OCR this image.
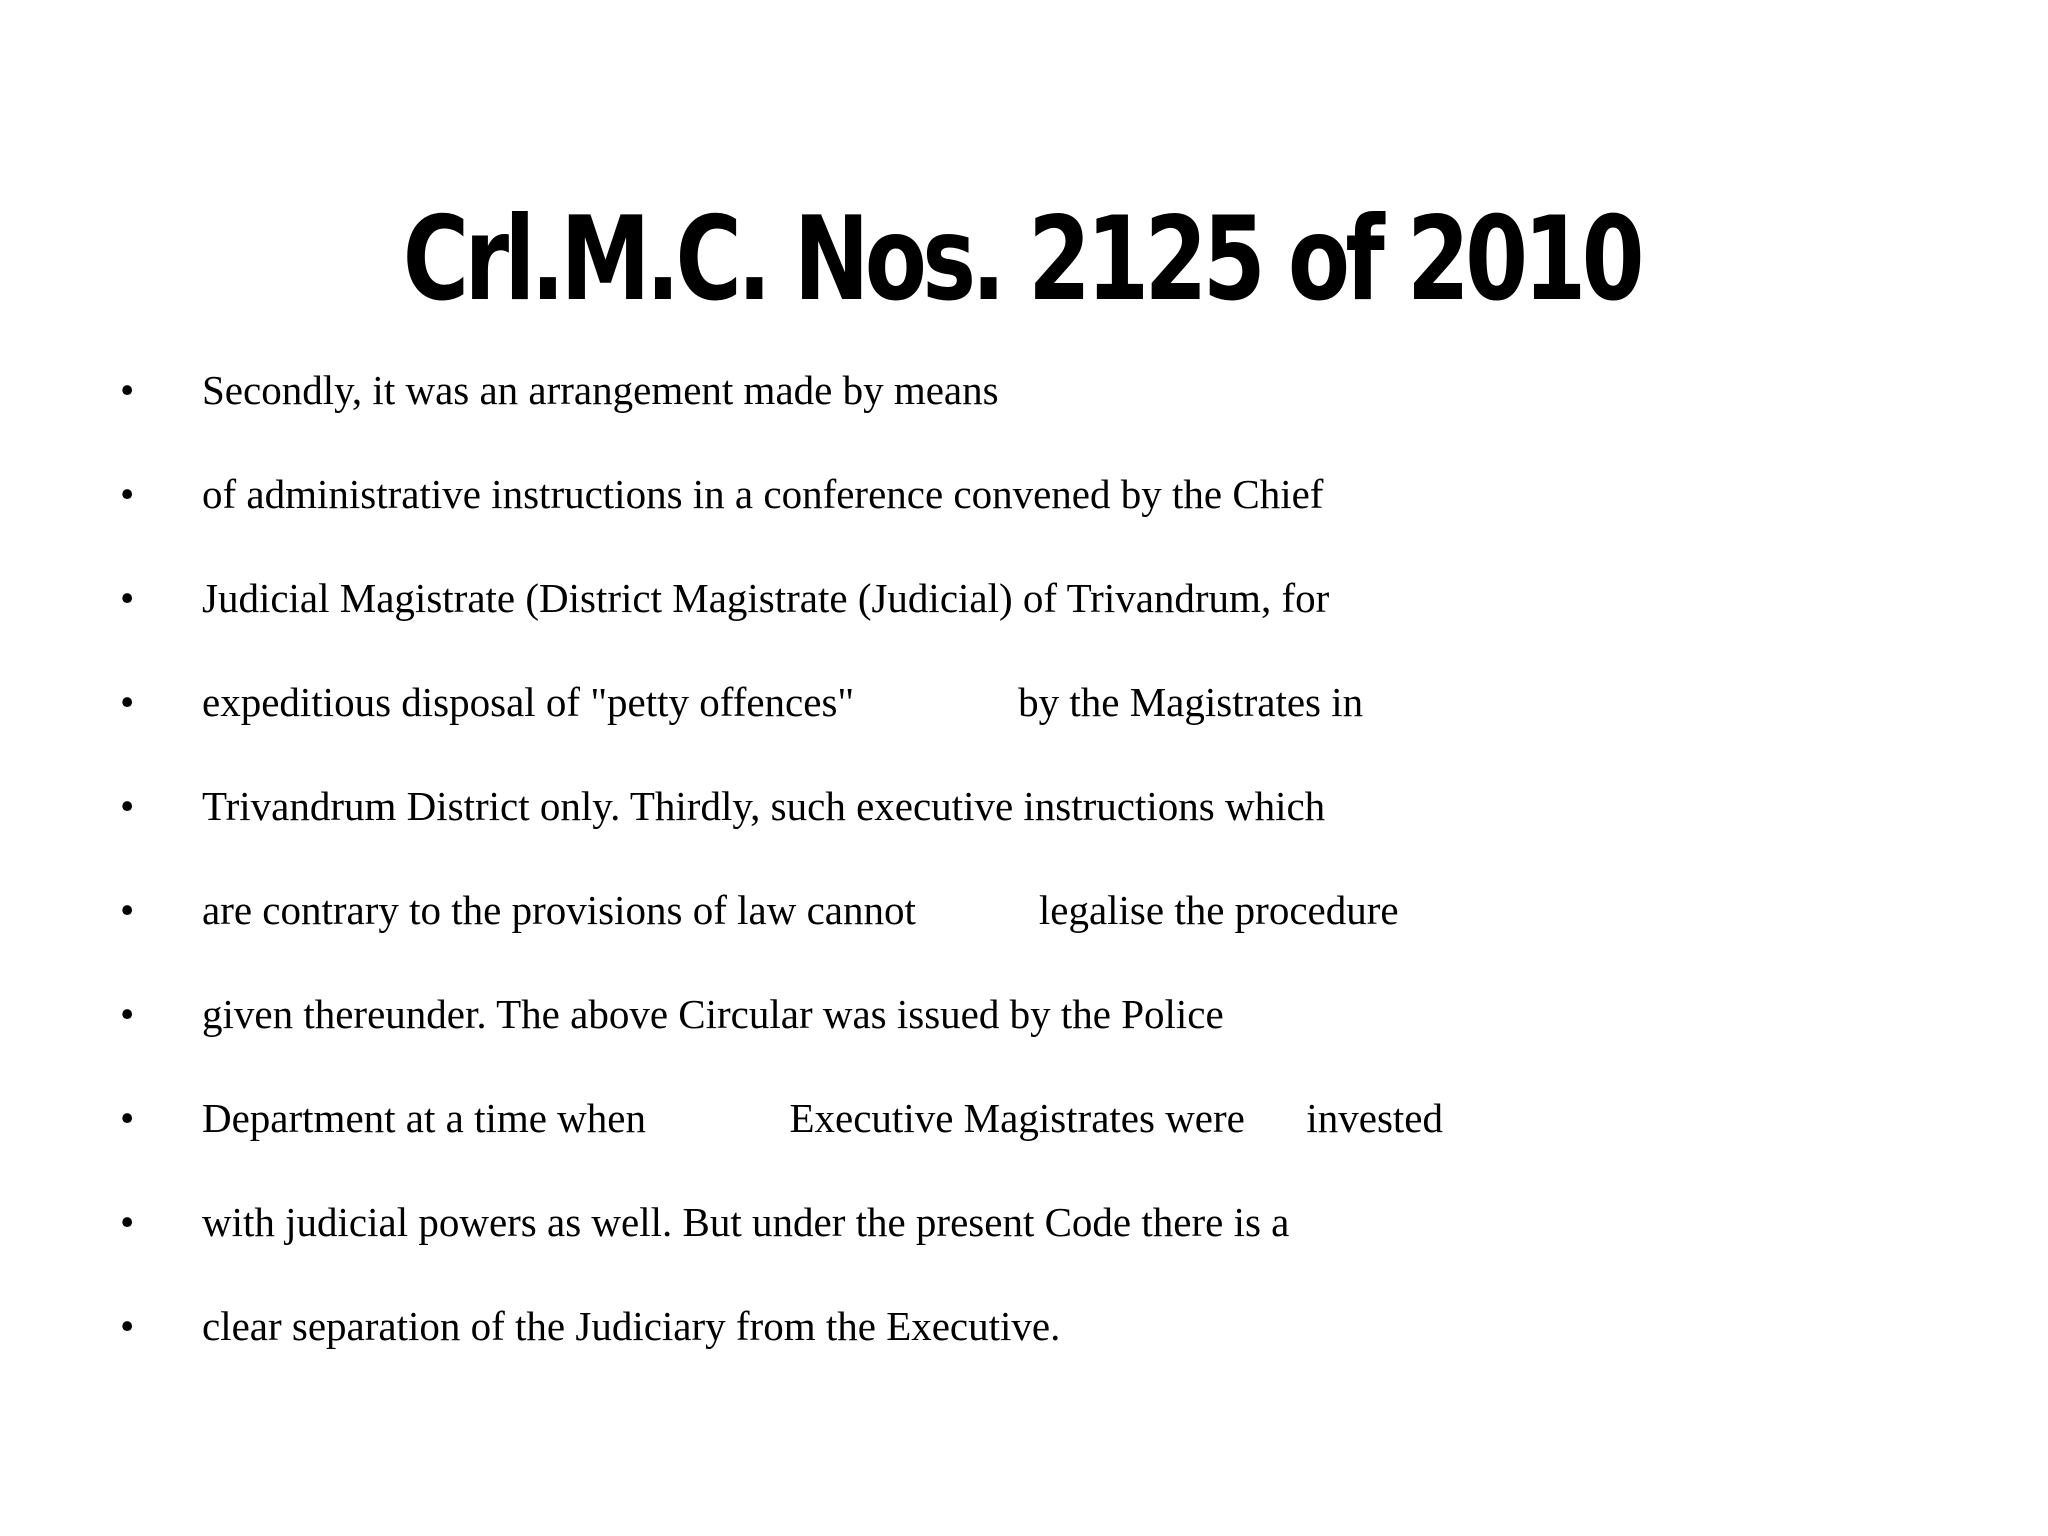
Crl.M.C. Nos. 2125 of 2010
•	Secondly, it was an arrangement made by means
•	of administrative instructions in a conference convened by the Chief
•	Judicial Magistrate (District Magistrate (Judicial) of Trivandrum, for
•	expeditious disposal of "petty offences"                by the Magistrates in
•	Trivandrum District only. Thirdly, such executive instructions which
•	are contrary to the provisions of law cannot            legalise the procedure
•	given thereunder. The above Circular was issued by the Police
•	Department at a time when              Executive Magistrates were      invested
•	with judicial powers as well. But under the present Code there is a
•	clear separation of the Judiciary from the Executive.
